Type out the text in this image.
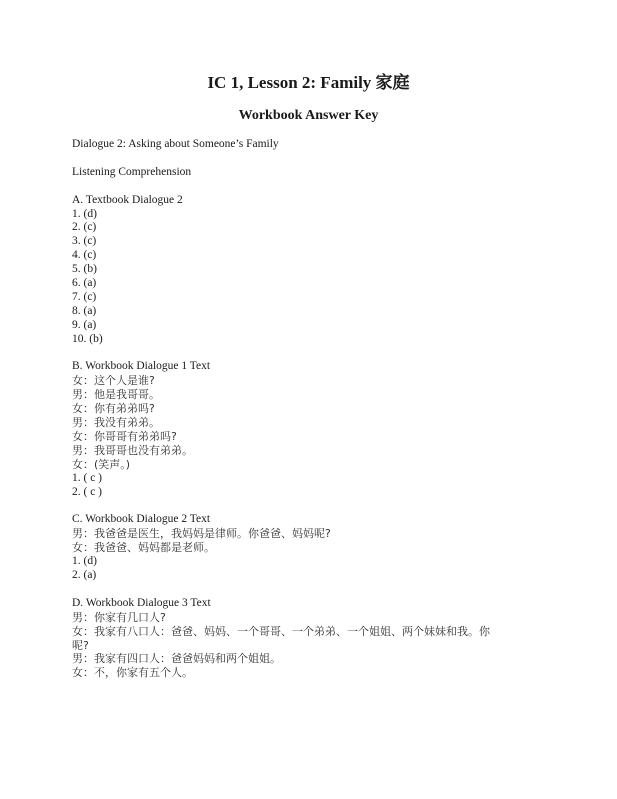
IC 1, Lesson 2: Family 家庭
Workbook Answer Key
Dialogue 2: Asking about Someone’s Family
Listening Comprehension
A. Textbook Dialogue 2
1. (d)
2. (c)
3. (c)
4. (c)
5. (b)
6. (a)
7. (c)
8. (a)
9. (a)
10. (b)
B. Workbook Dialogue 1 Text
女：这个人是谁?
男：他是我哥哥。
女：你有弟弟吗?
男：我没有弟弟。
女：你哥哥有弟弟吗?
男：我哥哥也没有弟弟。
女：(笑声。)
1. ( c )
2. ( c )
C. Workbook Dialogue 2 Text
男：我爸爸是医生，我妈妈是律师。你爸爸、妈妈呢?
女：我爸爸、妈妈都是老师。
1. (d)
2. (a)
D. Workbook Dialogue 3 Text
男：你家有几口人?
女：我家有八口人：爸爸、妈妈、一个哥哥、一个弟弟、一个姐姐、两个妹妹和我。你
呢?
男：我家有四口人：爸爸妈妈和两个姐姐。
女：不，你家有五个人。
